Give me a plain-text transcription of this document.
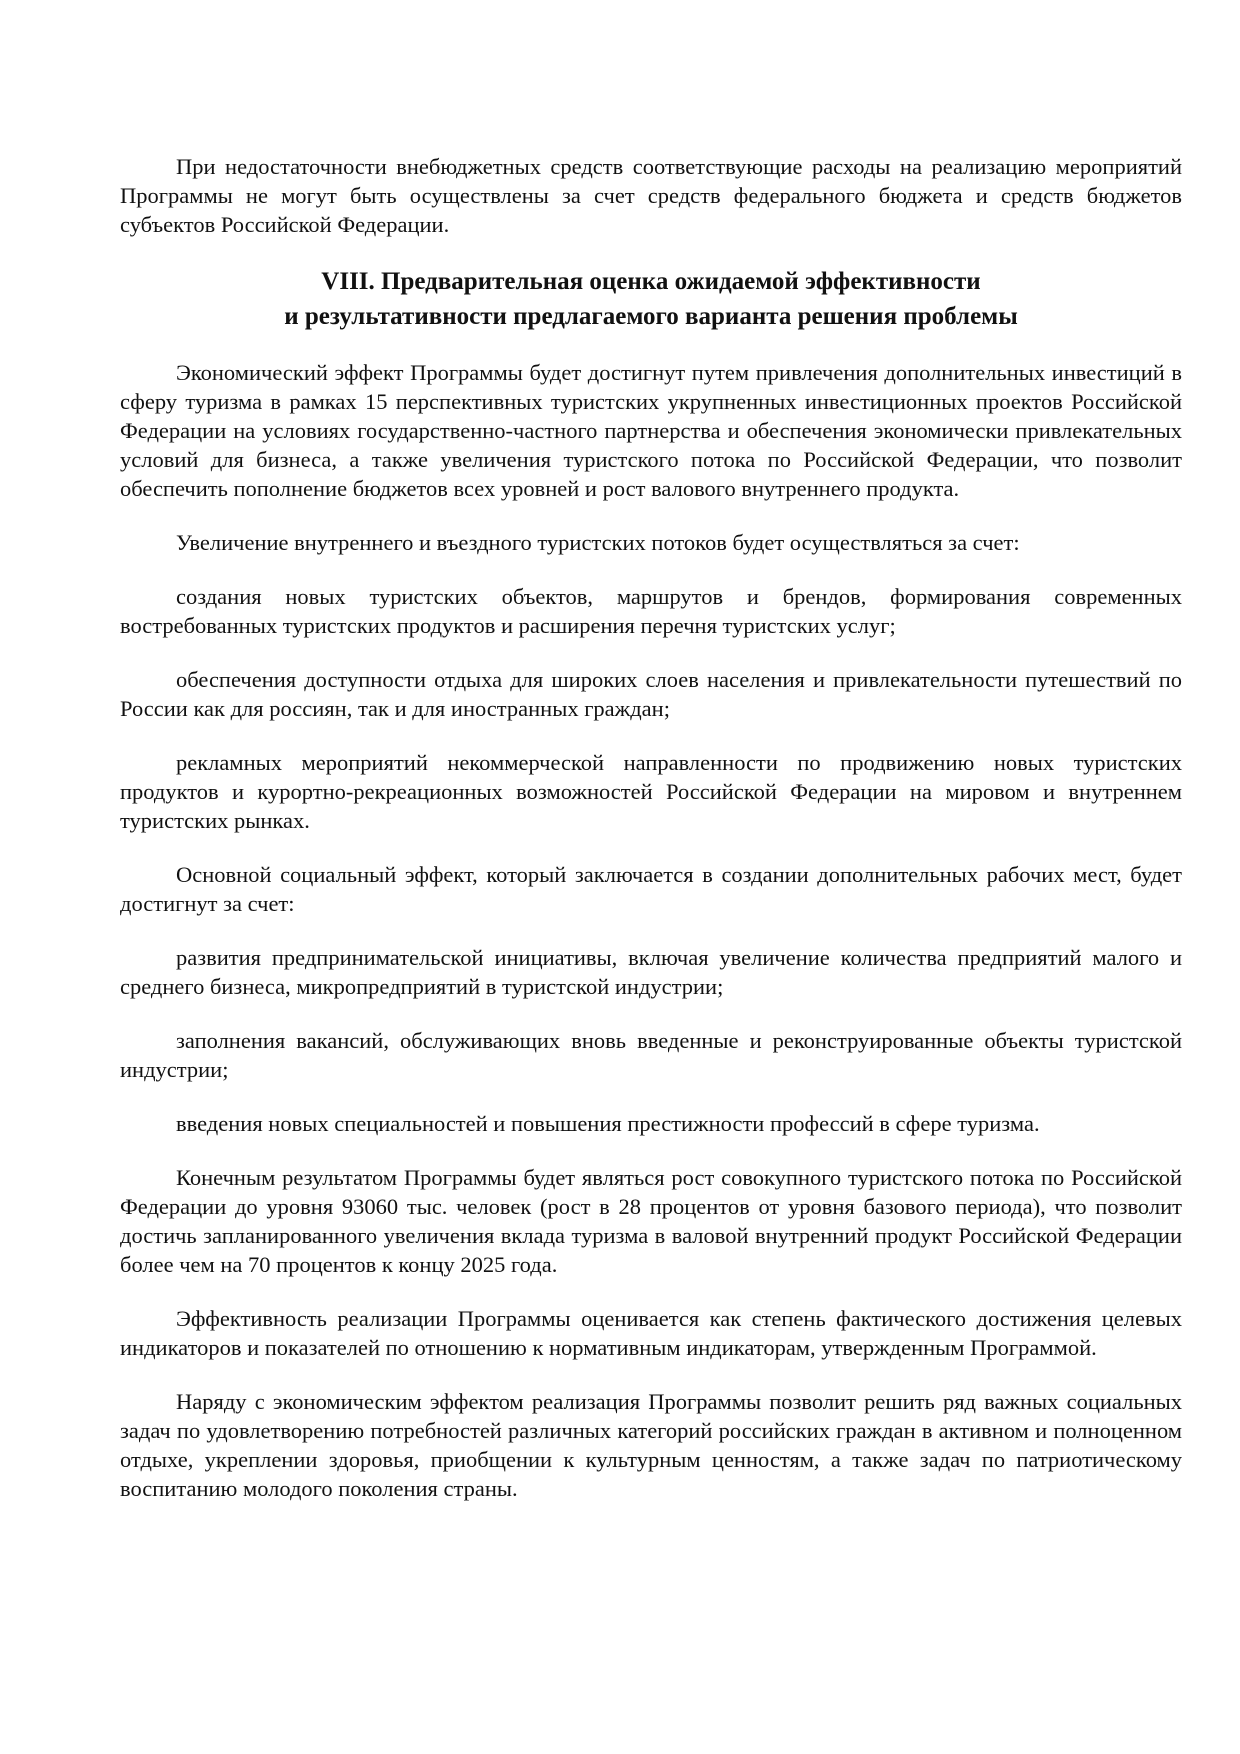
При недостаточности внебюджетных средств соответствующие расходы на реализацию мероприятий Программы не могут быть осуществлены за счет средств федерального бюджета и средств бюджетов субъектов Российской Федерации.

VIII. Предварительная оценка ожидаемой эффективности
и результативности предлагаемого варианта решения проблемы

Экономический эффект Программы будет достигнут путем привлечения дополнительных инвестиций в сферу туризма в рамках 15 перспективных туристских укрупненных инвестиционных проектов Российской Федерации на условиях государственно-частного партнерства и обеспечения экономически привлекательных условий для бизнеса, а также увеличения туристского потока по Российской Федерации, что позволит обеспечить пополнение бюджетов всех уровней и рост валового внутреннего продукта.

Увеличение внутреннего и въездного туристских потоков будет осуществляться за счет:

создания новых туристских объектов, маршрутов и брендов, формирования современных востребованных туристских продуктов и расширения перечня туристских услуг;

обеспечения доступности отдыха для широких слоев населения и привлекательности путешествий по России как для россиян, так и для иностранных граждан;

рекламных мероприятий некоммерческой направленности по продвижению новых туристских продуктов и курортно-рекреационных возможностей Российской Федерации на мировом и внутреннем туристских рынках.

Основной социальный эффект, который заключается в создании дополнительных рабочих мест, будет достигнут за счет:

развития предпринимательской инициативы, включая увеличение количества предприятий малого и среднего бизнеса, микропредприятий в туристской индустрии;

заполнения вакансий, обслуживающих вновь введенные и реконструированные объекты туристской индустрии;

введения новых специальностей и повышения престижности профессий в сфере туризма.

Конечным результатом Программы будет являться рост совокупного туристского потока по Российской Федерации до уровня 93060 тыс. человек (рост в 28 процентов от уровня базового периода), что позволит достичь запланированного увеличения вклада туризма в валовой внутренний продукт Российской Федерации более чем на 70 процентов к концу 2025 года.

Эффективность реализации Программы оценивается как степень фактического достижения целевых индикаторов и показателей по отношению к нормативным индикаторам, утвержденным Программой.

Наряду с экономическим эффектом реализация Программы позволит решить ряд важных социальных задач по удовлетворению потребностей различных категорий российских граждан в активном и полноценном отдыхе, укреплении здоровья, приобщении к культурным ценностям, а также задач по патриотическому воспитанию молодого поколения страны.
